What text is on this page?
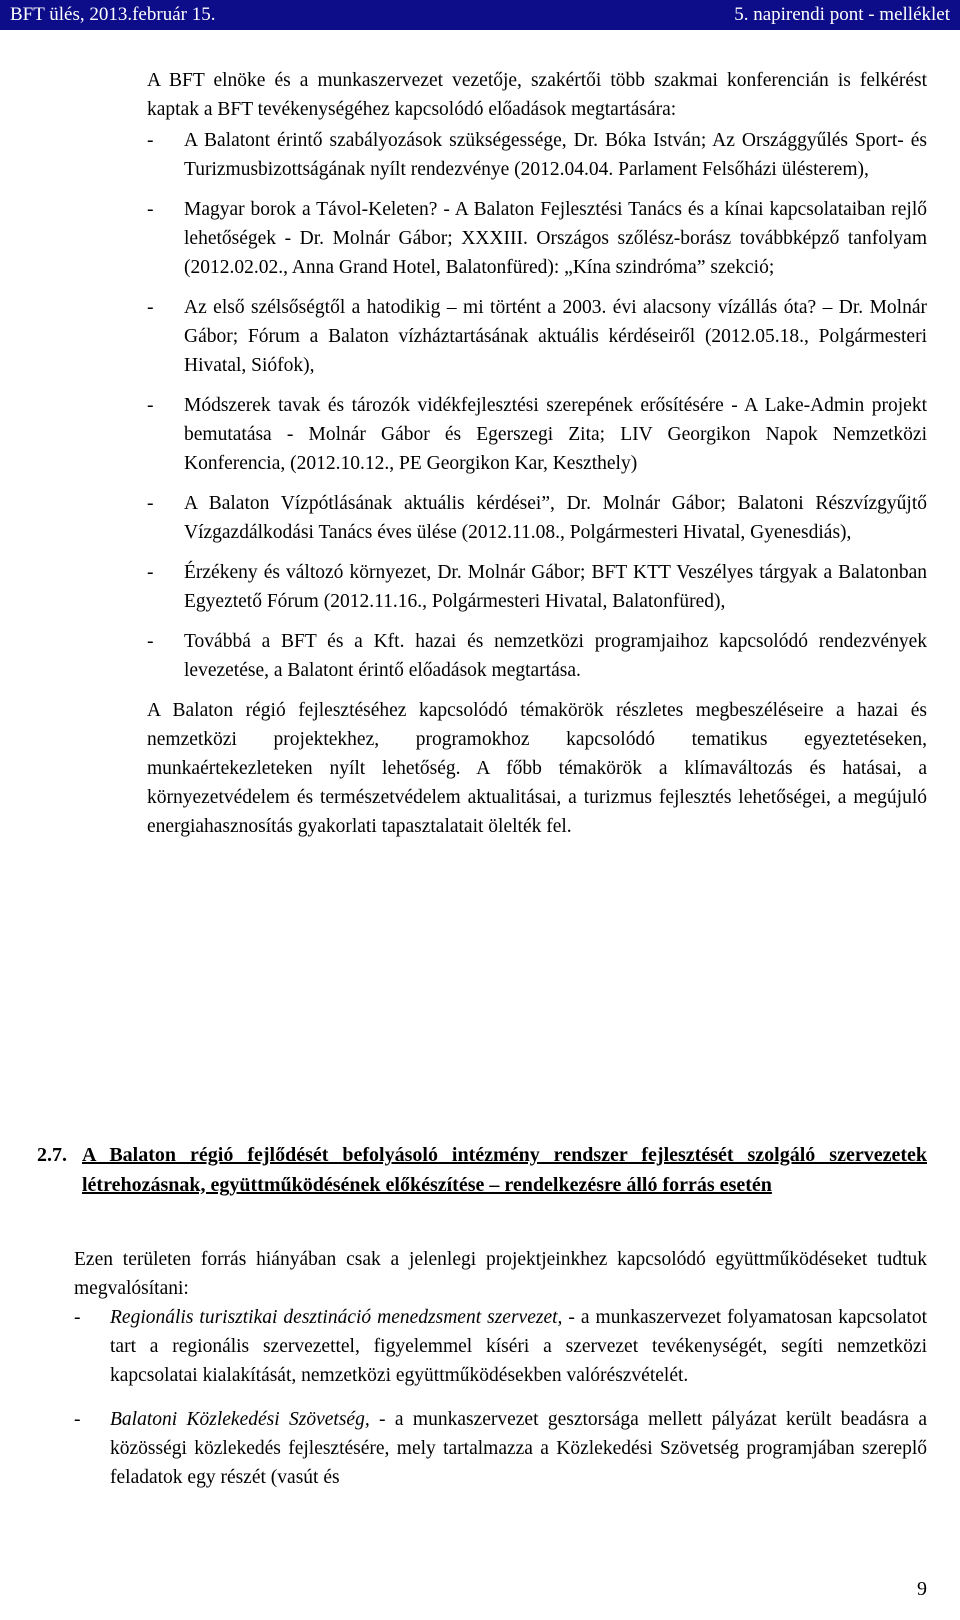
BFT ülés, 2013.február 15.	5. napirendi pont - melléklet

A BFT elnöke és a munkaszervezet vezetője, szakértői több szakmai konferencián is felkérést kaptak a BFT tevékenységéhez kapcsolódó előadások megtartására:

- A Balatont érintő szabályozások szükségessége, Dr. Bóka István; Az Országgyűlés Sport- és Turizmusbizottságának nyílt rendezvénye (2012.04.04. Parlament Felsőházi ülésterem),
- Magyar borok a Távol-Keleten? - A Balaton Fejlesztési Tanács és a kínai kapcsolataiban rejlő lehetőségek - Dr. Molnár Gábor; XXXIII. Országos szőlész-borász továbbképző tanfolyam (2012.02.02., Anna Grand Hotel, Balatonfüred): „Kína szindróma” szekció;
- Az első szélsőségtől a hatodikig – mi történt a 2003. évi alacsony vízállás óta? – Dr. Molnár Gábor; Fórum a Balaton vízháztartásának aktuális kérdéseiről (2012.05.18., Polgármesteri Hivatal, Siófok),
- Módszerek tavak és tározók vidékfejlesztési szerepének erősítésére - A Lake-Admin projekt bemutatása - Molnár Gábor és Egerszegi Zita; LIV Georgikon Napok Nemzetközi Konferencia, (2012.10.12., PE Georgikon Kar, Keszthely)
- A Balaton Vízpótlásának aktuális kérdései”, Dr. Molnár Gábor; Balatoni Részvízgyűjtő Vízgazdálkodási Tanács éves ülése (2012.11.08., Polgármesteri Hivatal, Gyenesdiás),
- Érzékeny és változó környezet, Dr. Molnár Gábor; BFT KTT Veszélyes tárgyak a Balatonban Egyeztető Fórum (2012.11.16., Polgármesteri Hivatal, Balatonfüred),
- Továbbá a BFT és a Kft. hazai és nemzetközi programjaihoz kapcsolódó rendezvények levezetése, a Balatont érintő előadások megtartása.

A Balaton régió fejlesztéséhez kapcsolódó témakörök részletes megbeszéléseire a hazai és nemzetközi projektekhez, programokhoz kapcsolódó tematikus egyeztetéseken, munkaértekezleteken nyílt lehetőség. A főbb témakörök a klímaváltozás és hatásai, a környezetvédelem és természetvédelem aktualitásai, a turizmus fejlesztés lehetőségei, a megújuló energiahasznosítás gyakorlati tapasztalatait ölelték fel.

2.7. A Balaton régió fejlődését befolyásoló intézmény rendszer fejlesztését szolgáló szervezetek létrehozásnak, együttműködésének előkészítése – rendelkezésre álló forrás esetén

Ezen területen forrás hiányában csak a jelenlegi projektjeinkhez kapcsolódó együttműködéseket tudtuk megvalósítani:

- Regionális turisztikai desztináció menedzsment szervezet, - a munkaszervezet folyamatosan kapcsolatot tart a regionális szervezettel, figyelemmel kíséri a szervezet tevékenységét, segíti nemzetközi kapcsolatai kialakítását, nemzetközi együttműködésekben valórészvételét.
- Balatoni Közlekedési Szövetség, - a munkaszervezet gesztorsága mellett pályázat került beadásra a közösségi közlekedés fejlesztésére, mely tartalmazza a Közlekedési Szövetség programjában szereplő feladatok egy részét (vasút és
9
